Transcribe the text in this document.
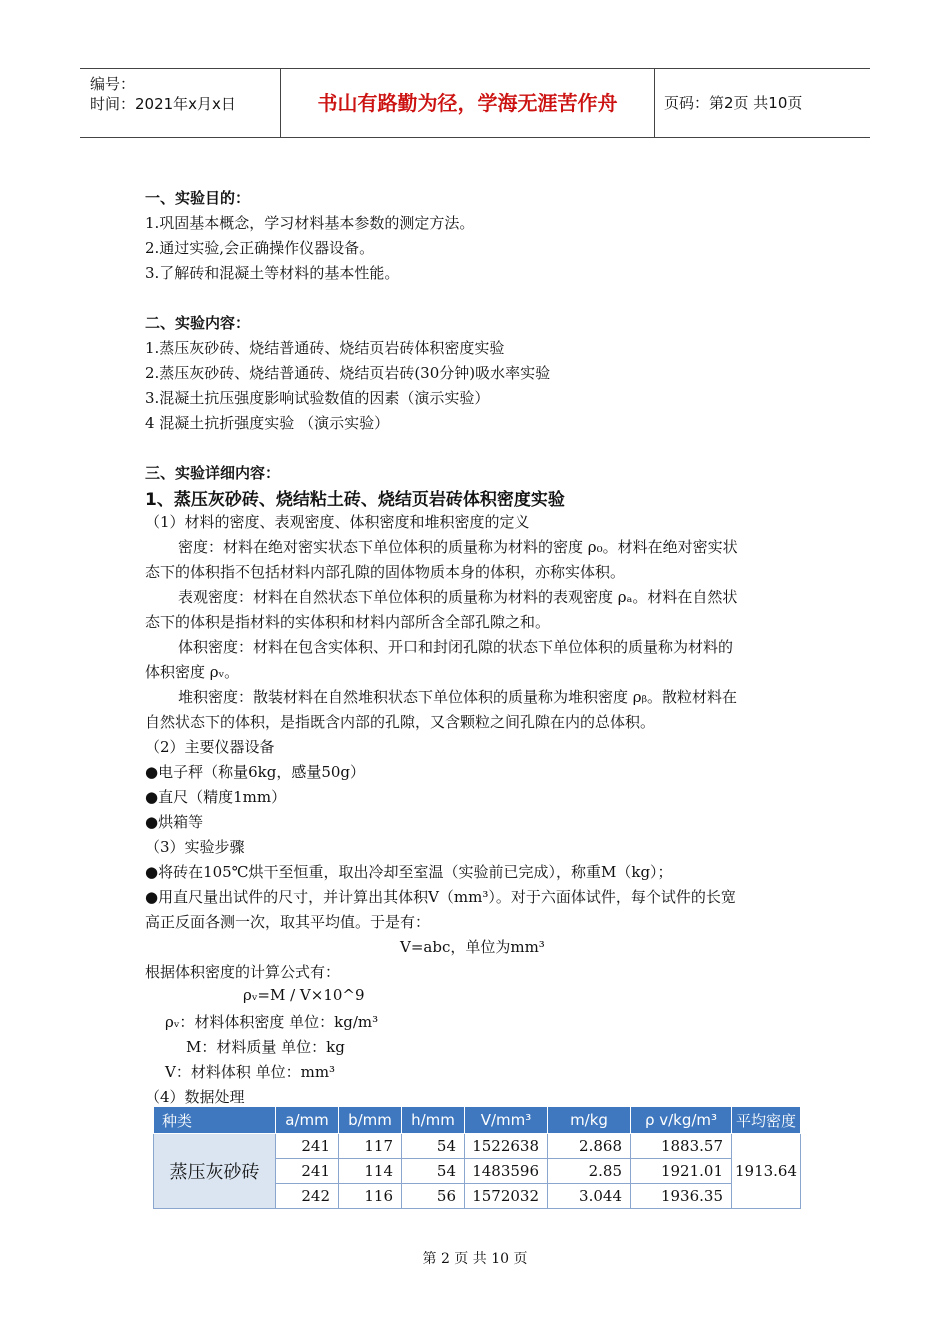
编号：
时间：2021年x月x日	书山有路勤为径，学海无涯苦作舟	页码：第2页 共10页
一、实验目的：
1.巩固基本概念，学习材料基本参数的测定方法。
2.通过实验,会正确操作仪器设备。
3.了解砖和混凝土等材料的基本性能。
二、实验内容：
1.蒸压灰砂砖、烧结普通砖、烧结页岩砖体积密度实验
2.蒸压灰砂砖、烧结普通砖、烧结页岩砖(30分钟)吸水率实验
3.混凝土抗压强度影响试验数值的因素（演示实验）
4 混凝土抗折强度实验 （演示实验）
三、实验详细内容：
1、蒸压灰砂砖、烧结粘土砖、烧结页岩砖体积密度实验
（1）材料的密度、表观密度、体积密度和堆积密度的定义
密度：材料在绝对密实状态下单位体积的质量称为材料的密度 ρ₀。材料在绝对密实状
态下的体积指不包括材料内部孔隙的固体物质本身的体积，亦称实体积。
表观密度：材料在自然状态下单位体积的质量称为材料的表观密度 ρₐ。材料在自然状
态下的体积是指材料的实体积和材料内部所含全部孔隙之和。
体积密度：材料在包含实体积、开口和封闭孔隙的状态下单位体积的质量称为材料的
体积密度 ρᵥ。
堆积密度：散装材料在自然堆积状态下单位体积的质量称为堆积密度 ρᵦ。散粒材料在
自然状态下的体积，是指既含内部的孔隙，又含颗粒之间孔隙在内的总体积。
（2）主要仪器设备
●电子秤（称量6kg，感量50g）
●直尺（精度1mm）
●烘箱等
（3）实验步骤
●将砖在105℃烘干至恒重，取出冷却至室温（实验前已完成），称重M（kg）；
●用直尺量出试件的尺寸，并计算出其体积V（mm³）。对于六面体试件，每个试件的长宽
高正反面各测一次，取其平均值。于是有：
V=abc，单位为mm³
根据体积密度的计算公式有：
ρᵥ=M / V×10^9
ρᵥ：材料体积密度 单位：kg/m³
M：材料质量 单位：kg
V：材料体积 单位：mm³
（4）数据处理
种类	a/mm	b/mm	h/mm	V/mm³	m/kg	ρ v/kg/m³	平均密度
蒸压灰砂砖	241	117	54	1522638	2.868	1883.57	1913.64
	241	114	54	1483596	2.85	1921.01	
	242	116	56	1572032	3.044	1936.35	
第 2 页 共 10 页
